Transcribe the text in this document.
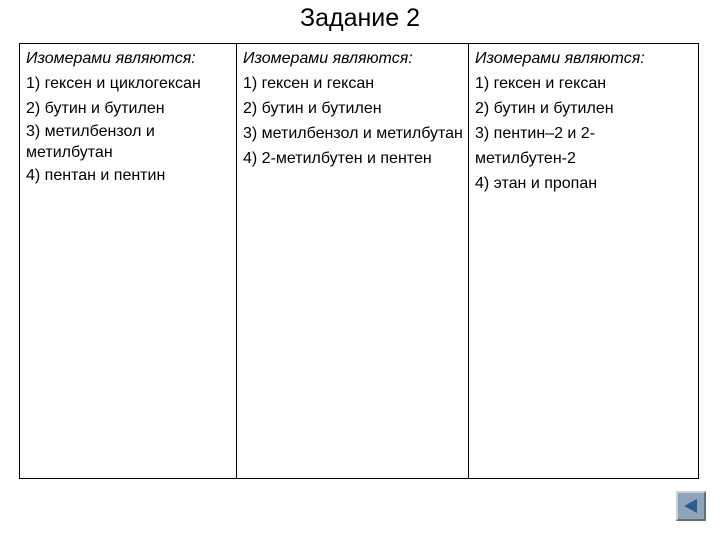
Задание 2
Изомерами являются:
1) гексен и циклогексан
2) бутин и бутилен
3) метилбензол и метилбутан
4) пентан и пентин
Изомерами являются:
1) гексен и гексан
2) бутин и бутилен
3) метилбензол и метилбутан
4) 2-метилбутен и пентен
Изомерами являются:
1) гексен и гексан
2) бутин и бутилен
3) пентин–2 и 2-метилбутен-2
4) этан и пропан
